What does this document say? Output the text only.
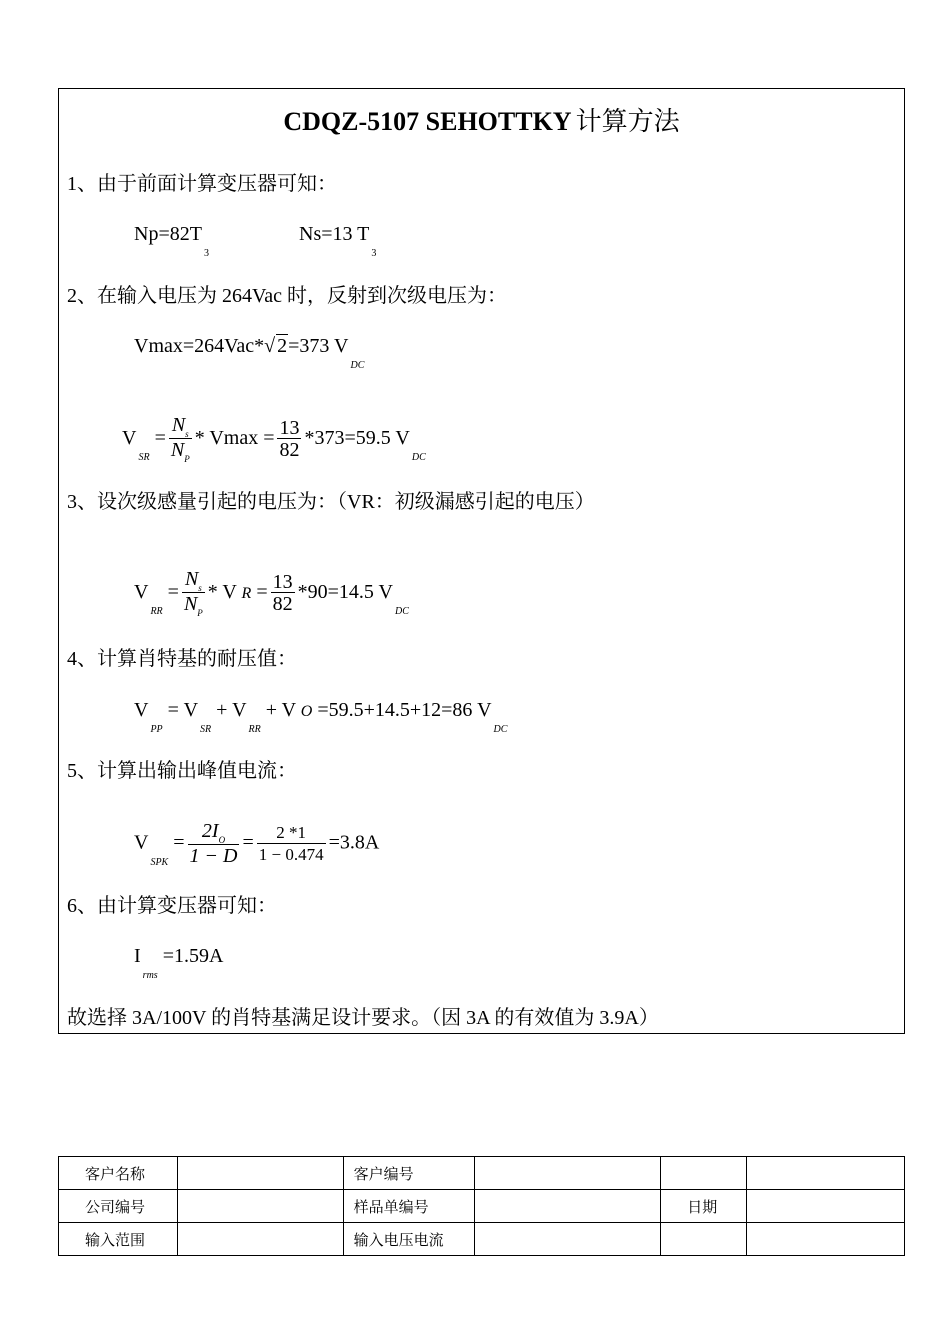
CDQZ-5107 SEHOTTKY 计算方法
1、由于前面计算变压器可知：
$Np=82T_3$
Ns=13 $T_3$
2、在输入电压为 264Vac 时，反射到次级电压为：
Vmax=264Vac*√ 2=373 $V_{DC}$
$V_{SR} = \frac{N_s}{N_P} * Vmax = \frac{13}{82} *373=59.5$ $V_{DC}$
3、设次级感量引起的电压为：（VR：初级漏感引起的电压）
$V_{RR} = \frac{N_s}{N_P} * V$ $R = \frac{13}{82} *90=14.5$ $V_{DC}$
4、计算肖特基的耐压值：
$V_{PP} = V_{SR} + V_{RR} + V$ O =59.5+14.5+12=86 $V_{DC}$
5、计算出输出峰值电流：
$V_{SPK} = \frac{2I_O}{1 - D} = \frac{2 *1}{1 - 0.474} =3.8A$
6、由计算变压器可知：
$I_{rms} =1.59A$
故选择 3A/100V 的肖特基满足设计要求。（因 3A 的有效值为 3.9A）
客户名称		客户编号			
公司编号		样品单编号		日期	
输入范围		输入电压电流			
